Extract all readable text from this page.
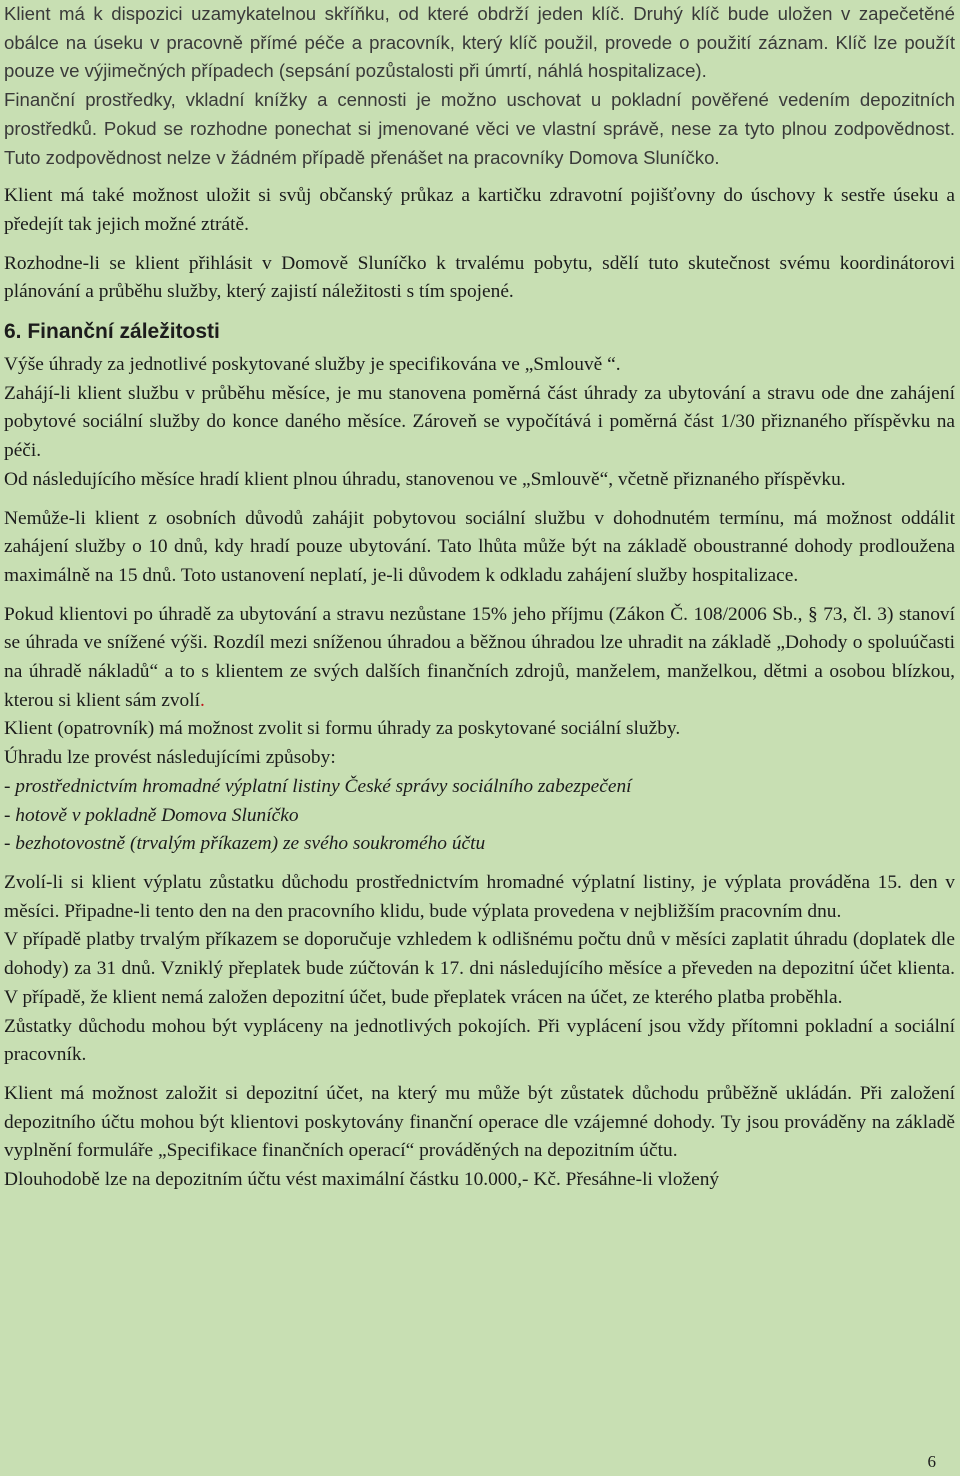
Klient má k dispozici uzamykatelnou skříňku, od které obdrží jeden klíč. Druhý klíč bude uložen v zapečetěné obálce na úseku v pracovně přímé péče a pracovník, který klíč použil, provede o použití záznam. Klíč lze použít pouze ve výjimečných případech (sepsání pozůstalosti při úmrtí, náhlá hospitalizace).

Finanční prostředky, vkladní knížky a cennosti je možno uschovat u pokladní pověřené vedením depozitních prostředků. Pokud se rozhodne ponechat si jmenované věci ve vlastní správě, nese za tyto plnou zodpovědnost. Tuto zodpovědnost nelze v žádném případě přenášet na pracovníky Domova Sluníčko.

Klient má také možnost uložit si svůj občanský průkaz a kartičku zdravotní pojišťovny do úschovy k sestře úseku a předejít tak jejich možné ztrátě.

Rozhodne-li se klient přihlásit v Domově Sluníčko k trvalému pobytu, sdělí tuto skutečnost svému koordinátorovi plánování a průběhu služby, který zajistí náležitosti s tím spojené.

6. Finanční záležitosti

Výše úhrady za jednotlivé poskytované služby je specifikována ve „Smlouvě “.

Zahájí-li klient službu v průběhu měsíce, je mu stanovena poměrná část úhrady za ubytování a stravu ode dne zahájení pobytové sociální služby do konce daného měsíce. Zároveň se vypočítává i poměrná část 1/30 přiznaného příspěvku na péči.

Od následujícího měsíce hradí klient plnou úhradu, stanovenou ve „Smlouvě“, včetně přiznaného příspěvku.

Nemůže-li klient z osobních důvodů zahájit pobytovou sociální službu v dohodnutém termínu, má možnost oddálit zahájení služby o 10 dnů, kdy hradí pouze ubytování. Tato lhůta může být na základě oboustranné dohody prodloužena maximálně na 15 dnů. Toto ustanovení neplatí, je-li důvodem k odkladu zahájení služby hospitalizace.

Pokud klientovi po úhradě za ubytování a stravu nezůstane 15% jeho příjmu (Zákon Č. 108/2006 Sb., § 73, čl. 3) stanoví se úhrada ve snížené výši. Rozdíl mezi sníženou úhradou a běžnou úhradou lze uhradit na základě „Dohody o spoluúčasti na úhradě nákladů“ a to s klientem ze svých dalších finančních zdrojů, manželem, manželkou, dětmi a osobou blízkou, kterou si klient sám zvolí.

Klient (opatrovník) má možnost zvolit si formu úhrady za poskytované sociální služby.

Úhradu lze provést následujícími způsoby:

- prostřednictvím hromadné výplatní listiny České správy sociálního zabezpečení

- hotově v pokladně Domova Sluníčko

- bezhotovostně (trvalým příkazem) ze svého soukromého účtu

Zvolí-li si klient výplatu zůstatku důchodu prostřednictvím hromadné výplatní listiny, je výplata prováděna 15. den v měsíci. Připadne-li tento den na den pracovního klidu, bude výplata provedena v nejbližším pracovním dnu.

V případě platby trvalým příkazem se doporučuje vzhledem k odlišnému počtu dnů v měsíci zaplatit úhradu (doplatek dle dohody) za 31 dnů. Vzniklý přeplatek bude zúčtován k 17. dni následujícího měsíce a převeden na depozitní účet klienta. V případě, že klient nemá založen depozitní účet, bude přeplatek vrácen na účet, ze kterého platba proběhla.

Zůstatky důchodu mohou být vypláceny na jednotlivých pokojích. Při vyplácení jsou vždy přítomni pokladní a sociální pracovník.

Klient má možnost založit si depozitní účet, na který mu může být zůstatek důchodu průběžně ukládán. Při založení depozitního účtu mohou být klientovi poskytovány finanční operace dle vzájemné dohody. Ty jsou prováděny na základě vyplnění formuláře „Specifikace finančních operací“ prováděných na depozitním účtu.

Dlouhodobě lze na depozitním účtu vést maximální částku 10.000,- Kč. Přesáhne-li vložený

6
